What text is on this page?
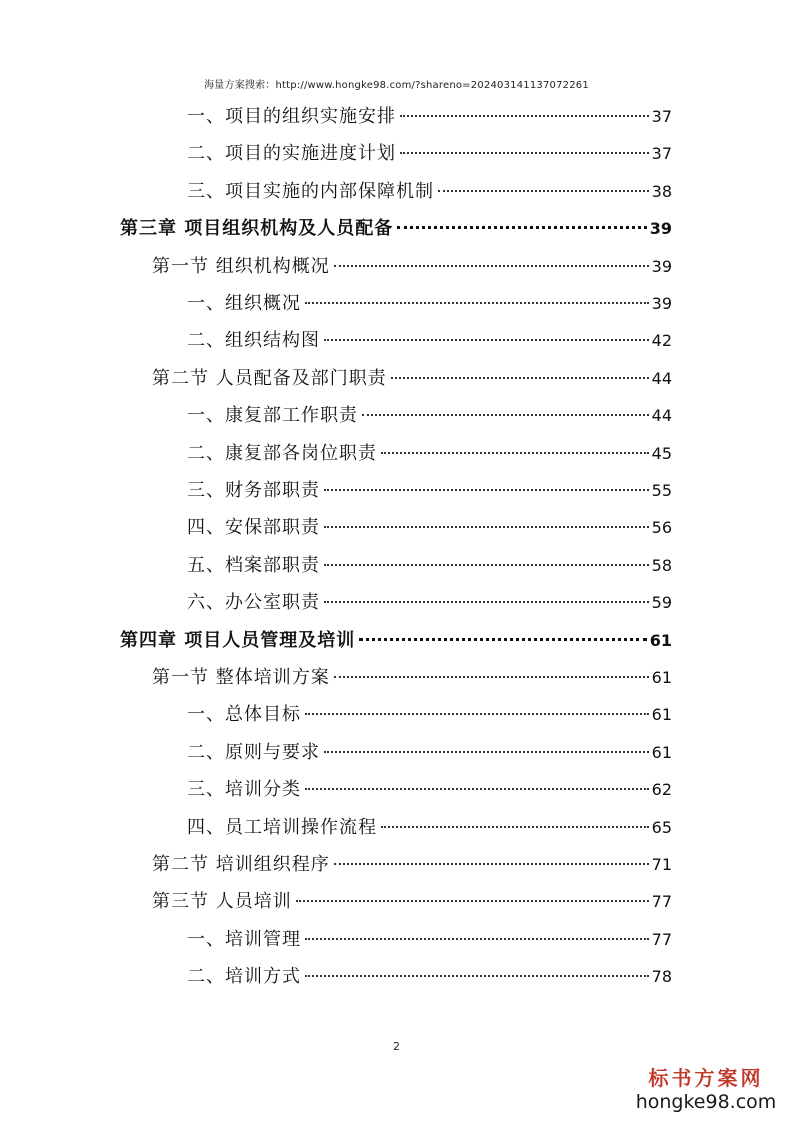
海量方案搜索：http://www.hongke98.com/?shareno=202403141137072261
一、项目的组织实施安排	37
二、项目的实施进度计划	37
三、项目实施的内部保障机制	38
第三章 项目组织机构及人员配备	39
第一节 组织机构概况	39
一、组织概况	39
二、组织结构图	42
第二节 人员配备及部门职责	44
一、康复部工作职责	44
二、康复部各岗位职责	45
三、财务部职责	55
四、安保部职责	56
五、档案部职责	58
六、办公室职责	59
第四章 项目人员管理及培训	61
第一节 整体培训方案	61
一、总体目标	61
二、原则与要求	61
三、培训分类	62
四、员工培训操作流程	65
第二节 培训组织程序	71
第三节 人员培训	77
一、培训管理	77
二、培训方式	78
2
标书方案网
hongke98.com
